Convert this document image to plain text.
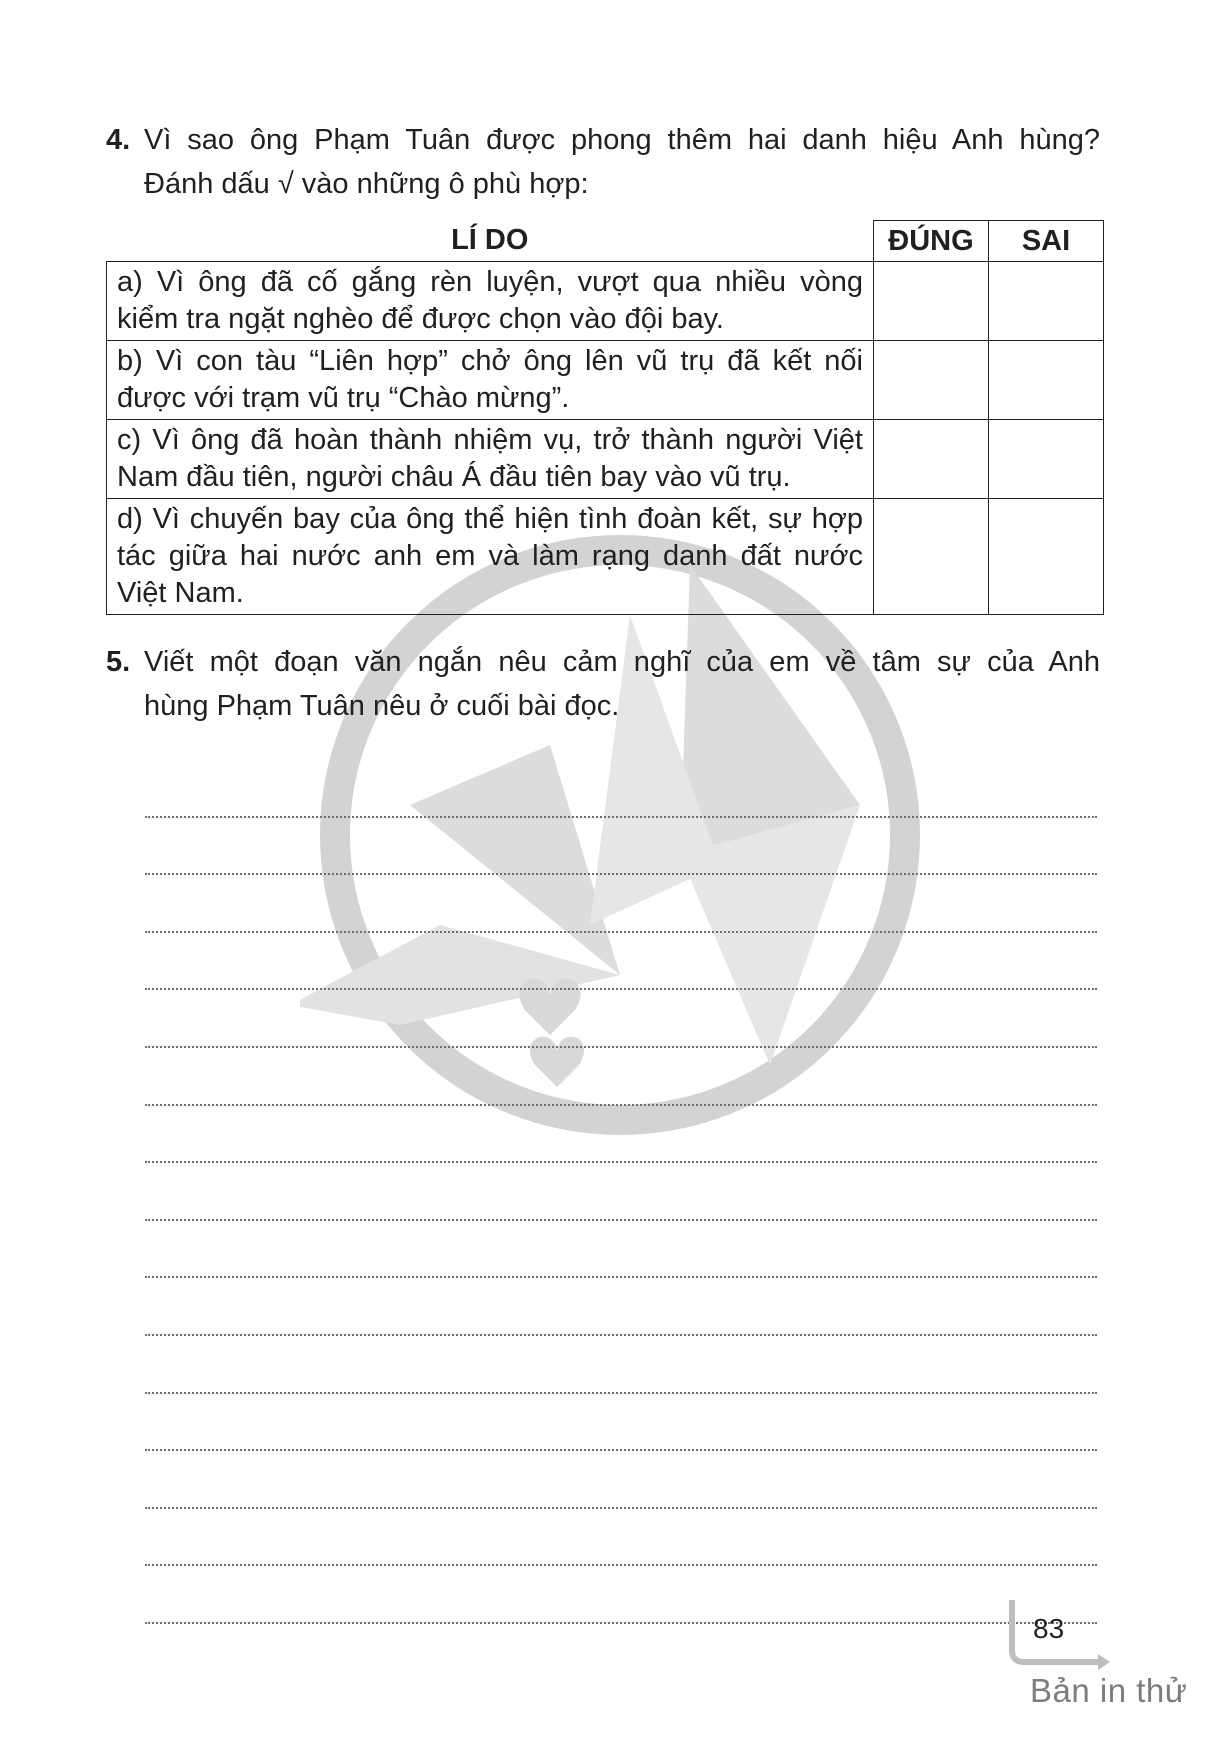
4. Vì sao ông Phạm Tuân được phong thêm hai danh hiệu Anh hùng?
Đánh dấu √ vào những ô phù hợp:
LÍ DO	ĐÚNG	SAI
a) Vì ông đã cố gắng rèn luyện, vượt qua nhiều vòng kiểm tra ngặt nghèo để được chọn vào đội bay.		
b) Vì con tàu “Liên hợp” chở ông lên vũ trụ đã kết nối được với trạm vũ trụ “Chào mừng”.		
c) Vì ông đã hoàn thành nhiệm vụ, trở thành người Việt Nam đầu tiên, người châu Á đầu tiên bay vào vũ trụ.		
d) Vì chuyến bay của ông thể hiện tình đoàn kết, sự hợp tác giữa hai nước anh em và làm rạng danh đất nước Việt Nam.		
5. Viết một đoạn văn ngắn nêu cảm nghĩ của em về tâm sự của Anh
hùng Phạm Tuân nêu ở cuối bài đọc.
83
Bản in thử
